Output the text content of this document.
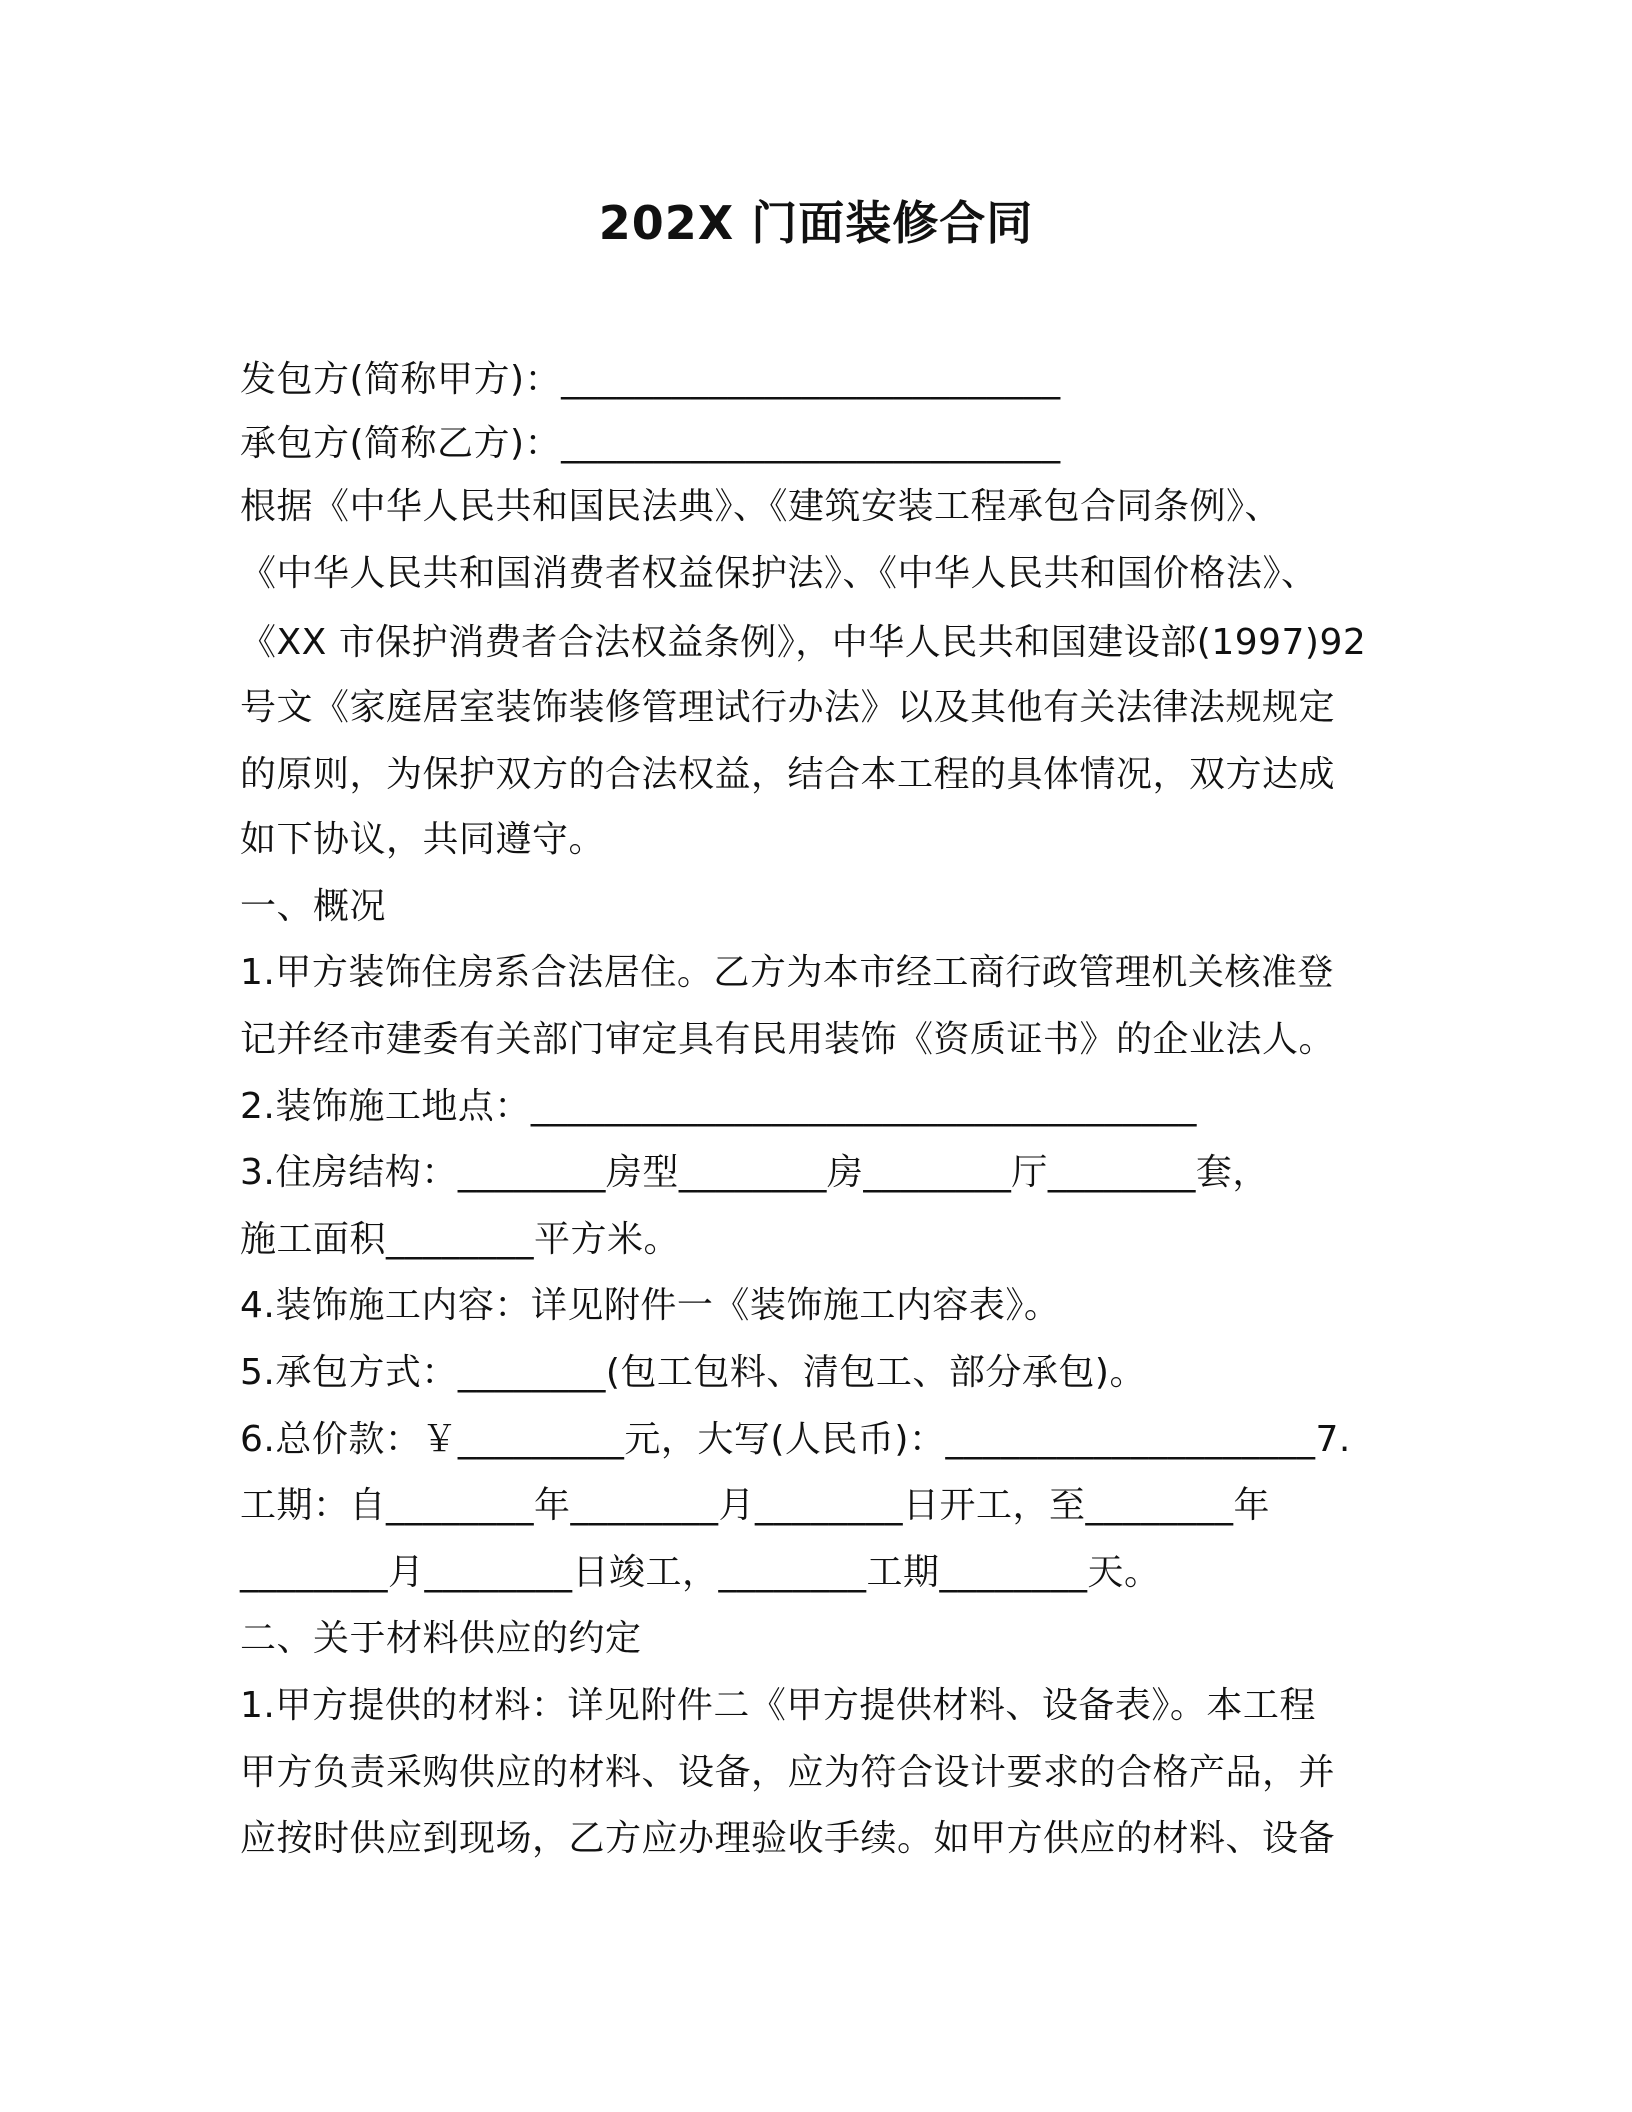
202X 门面装修合同
发包方(简称甲方)：___________________________
承包方(简称乙方)：___________________________
根据《中华人民共和国民法典》、《建筑安装工程承包合同条例》、
《中华人民共和国消费者权益保护法》、《中华人民共和国价格法》、
《XX 市保护消费者合法权益条例》，中华人民共和国建设部(1997)92
号文《家庭居室装饰装修管理试行办法》以及其他有关法律法规规定
的原则，为保护双方的合法权益，结合本工程的具体情况，双方达成
如下协议，共同遵守。
一、概况
1.甲方装饰住房系合法居住。乙方为本市经工商行政管理机关核准登
记并经市建委有关部门审定具有民用装饰《资质证书》的企业法人。
2.装饰施工地点：____________________________________
3.住房结构：________房型________房________厅________套，
施工面积________平方米。
4.装饰施工内容：详见附件一《装饰施工内容表》。
5.承包方式：________(包工包料、清包工、部分承包)。
6.总价款：￥_________元，大写(人民币)：____________________7.
工期：自________年________月________日开工，至________年
________月________日竣工，________工期________天。
二、关于材料供应的约定
1.甲方提供的材料：详见附件二《甲方提供材料、设备表》。本工程
甲方负责采购供应的材料、设备，应为符合设计要求的合格产品，并
应按时供应到现场，乙方应办理验收手续。如甲方供应的材料、设备
